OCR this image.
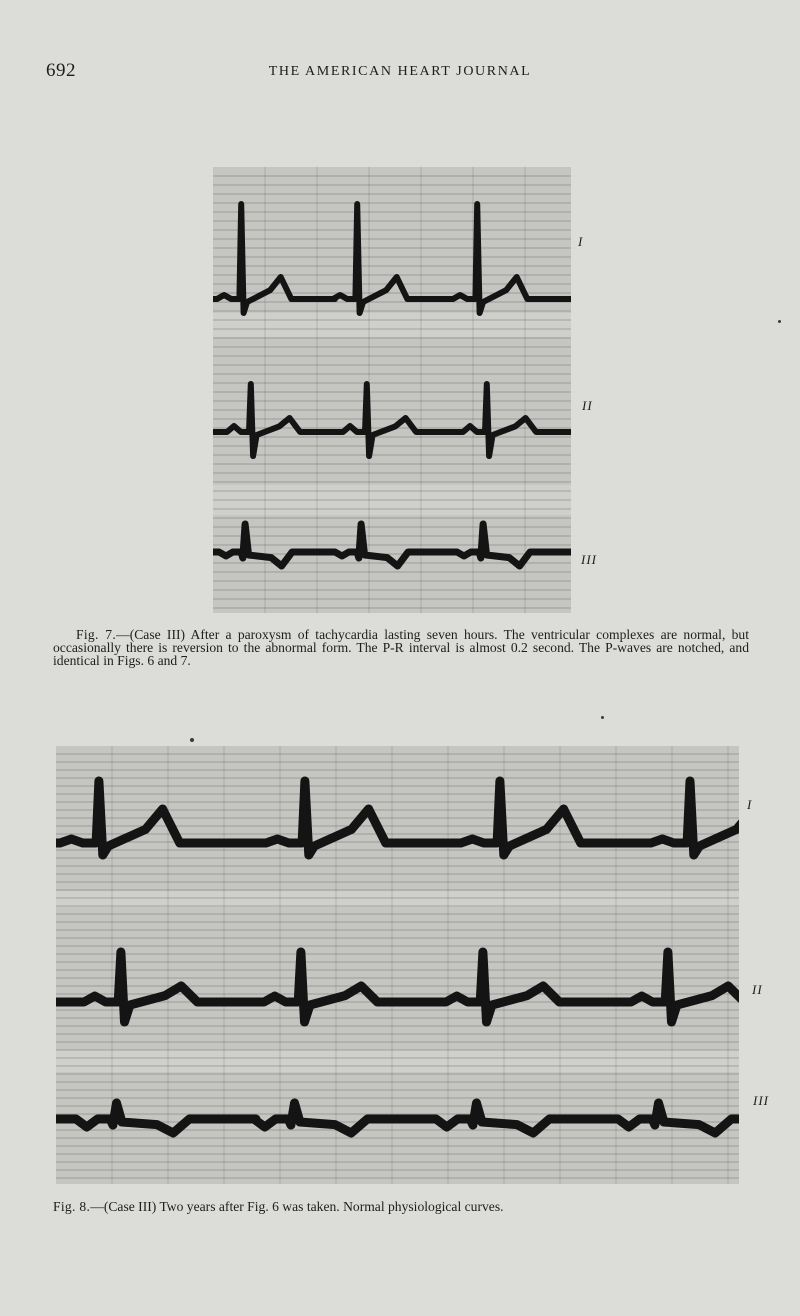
692	THE AMERICAN HEART JOURNAL
I
II
III
Fig. 7.—(Case III) After a paroxysm of tachycardia lasting seven hours. The ventricular complexes are normal, but occasionally there is reversion to the abnormal form. The P-R interval is almost 0.2 second. The P-waves are notched, and identical in Figs. 6 and 7.
I
II
III
Fig. 8.—(Case III) Two years after Fig. 6 was taken. Normal physiological curves.
